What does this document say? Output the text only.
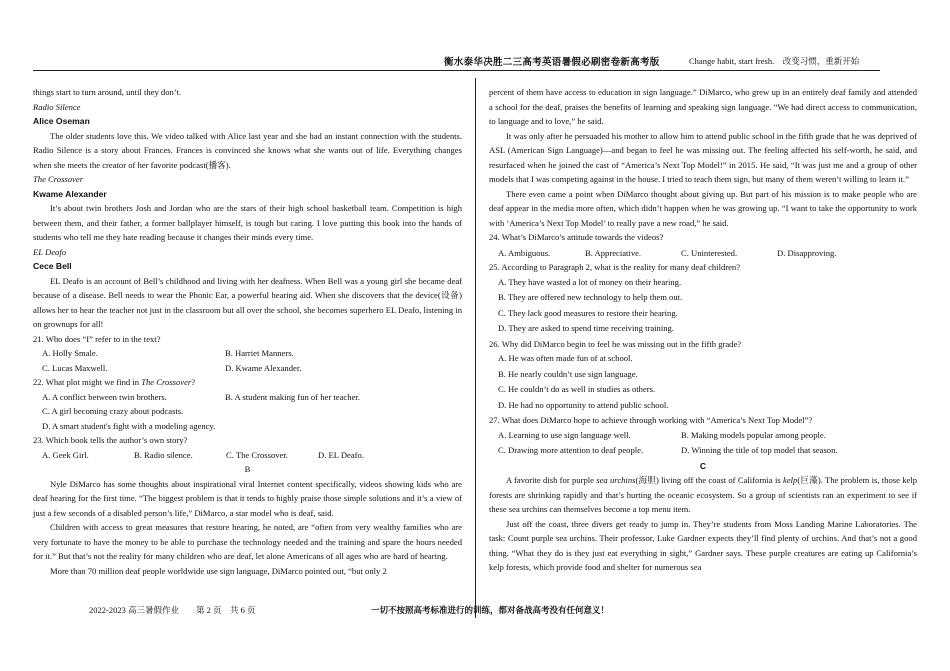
衡水泰华决胜二三高考英语暑假必刷密卷新高考版	Change habit, start fresh.　改变习惯，重新开始

things start to turn around, until they don’t.

Radio Silence

Alice Oseman

The older students love this. We video talked with Alice last year and she had an instant connection with the students. Radio Silence is a story about Frances. Frances is convinced she knows what she wants out of life. Everything changes when she meets the creator of her favorite podcast(播客).

The Crossover

Kwame Alexander

It’s about twin brothers Josh and Jordan who are the stars of their high school basketball team. Competition is high between them, and their father, a former ballplayer himself, is tough but caring. I love putting this book into the hands of students who tell me they hate reading because it changes their minds every time.

EL Deafo

Cece Bell

EL Deafo is an account of Bell’s childhood and living with her deafness. When Bell was a young girl she became deaf because of a disease. Bell needs to wear the Phonic Ear, a powerful hearing aid. When she discovers that the device(设备) allows her to hear the teacher not just in the classroom but all over the school, she becomes superhero EL Deafo, listening in on grownups for all!

21. Who does “I” refer to in the text?

A. Holly Smale.	B. Harriet Manners.
C. Lucas Maxwell.	D. Kwame Alexander.

22. What plot might we find in The Crossover?

A. A conflict between twin brothers.	B. A student making fun of her teacher.
C. A girl becoming crazy about podcasts.
D. A smart student's fight with a modeling agency.

23. Which book tells the author’s own story?

A. Geek Girl.	B. Radio silence.	C. The Crossover.	D. EL Deafo.

B

Nyle DiMarco has some thoughts about inspirational viral Internet content specifically, videos showing kids who are deaf hearing for the first time. “The biggest problem is that it tends to highly praise those simple solutions and it’s a view of just a few seconds of a disabled person’s life,” DiMarco, a star model who is deaf, said.

Children with access to great measures that restore hearing, he noted, are “often from very wealthy families who are very fortunate to have the money to be able to purchase the technology needed and the training and spare the hours needed for it.” But that’s not the reality for many children who are deaf, let alone Americans of all ages who are hard of hearing.

More than 70 million deaf people worldwide use sign language, DiMarco pointed out, “but only 2

percent of them have access to education in sign language.” DiMarco, who grew up in an entirely deaf family and attended a school for the deaf, praises the benefits of learning and speaking sign language. “We had direct access to communication, to language and to love,” he said.

It was only after he persuaded his mother to allow him to attend public school in the fifth grade that he was deprived of ASL (American Sign Language)—and began to feel he was missing out. The feeling affected his self-worth, he said, and resurfaced when he joined the cast of “America’s Next Top Model!” in 2015. He said, “It was just me and a group of other models that I was competing against in the house. I tried to teach them sign, but many of them weren’t willing to learn it.”

There even came a point when DiMarco thought about giving up. But part of his mission is to make people who are deaf appear in the media more often, which didn’t happen when he was growing up. “I want to take the opportunity to work with ‘America’s Next Top Model’ to really pave a new road,” he said.

24. What’s DiMarco’s attitude towards the videos?

A. Ambiguous.	B. Appreciative.	C. Uninterested.	D. Disapproving.

25. According to Paragraph 2, what is the reality for many deaf children?

A. They have wasted a lot of money on their hearing.
B. They are offered new technology to help them out.
C. They lack good measures to restore their hearing.
D. They are asked to spend time receiving training.

26. Why did DiMarco begin to feel he was missing out in the fifth grade?

A. He was often made fun of at school.
B. He nearly couldn’t use sign language.
C. He couldn’t do as well in studies as others.
D. He had no opportunity to attend public school.

27. What does DiMarco hope to achieve through working with “America’s Next Top Model”?

A. Learning to use sign language well.	B. Making models popular among people.
C. Drawing more attention to deaf people.	D. Winning the title of top model that season.

C

A favorite dish for purple sea urchins(海胆) living off the coast of California is kelp(巨藻). The problem is, those kelp forests are shrinking rapidly and that’s hurting the oceanic ecosystem. So a group of scientists ran an experiment to see if these sea urchins can themselves become a top menu item.

Just off the coast, three divers get ready to jump in. They’re students from Moss Landing Marine Laboratories. The task: Count purple sea urchins. Their professor, Luke Gardner expects they’ll find plenty of urchins. And that’s not a good thing. “What they do is they just eat everything in sight,” Gardner says. These purple creatures are eating up California’s kelp forests, which provide food and shelter for numerous sea

2022-2023 高三暑假作业　　第 2 页　共 6 页	一切不按照高考标准进行的训练，都对备战高考没有任何意义！
